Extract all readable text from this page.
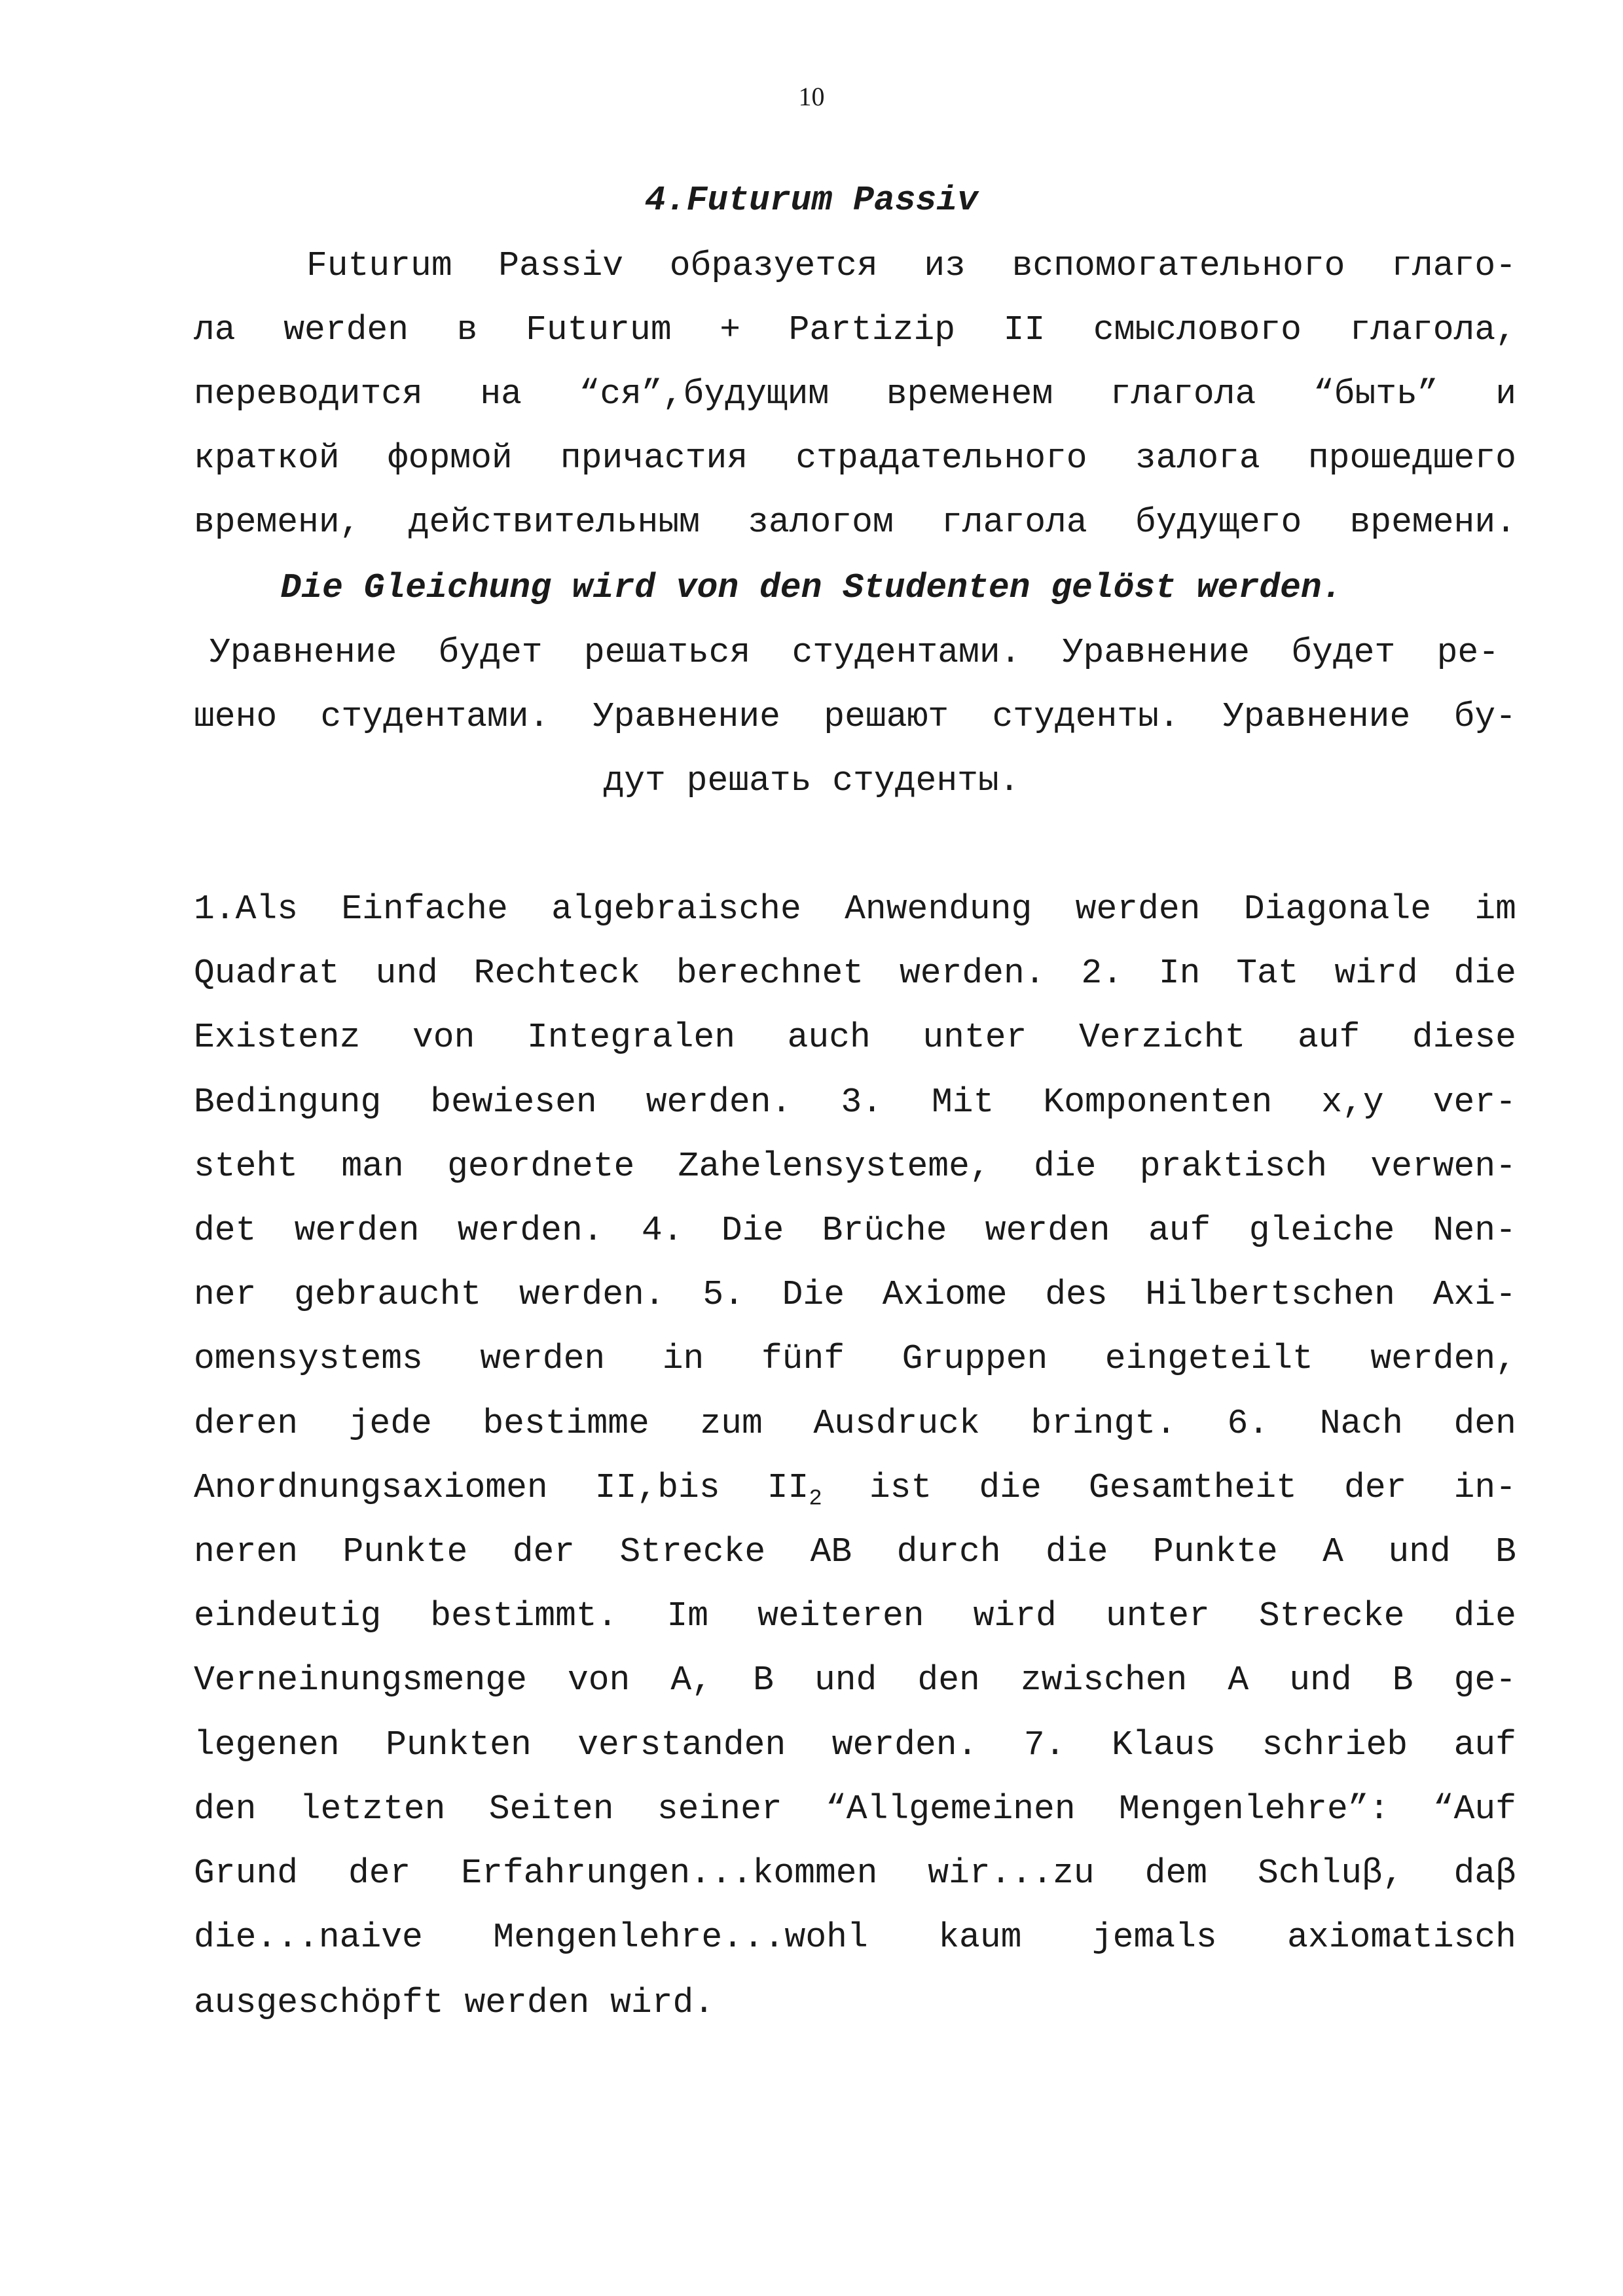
10
4.Futurum Passiv
Futurum Passiv образуется из вспомогательного глаго-
ла werden в Futurum + Partizip II смыслового глагола,
переводится на “ся”,будущим временем глагола “быть” и
краткой формой причастия страдательного залога прошедшего
времени, действительным залогом глагола будущего времени.
Die Gleichung wird von den Studenten gelöst werden.
Уравнение будет решаться студентами. Уравнение будет ре-
шено студентами. Уравнение решают студенты. Уравнение бу-
дут решать студенты.

1.Als Einfache algebraische Anwendung werden Diagonale im
Quadrat und Rechteck berechnet werden. 2. In Tat wird die
Existenz von Integralen auch unter Verzicht auf diese
Bedingung bewiesen werden. 3. Mit Komponenten x,y ver-
steht man geordnete Zahelensysteme, die praktisch verwen-
det werden werden. 4. Die Brüche werden auf gleiche Nen-
ner gebraucht werden. 5. Die Axiome des Hilbertschen Axi-
omensystems werden in fünf Gruppen eingeteilt werden,
deren jede bestimme zum Ausdruck bringt. 6. Nach den
Anordnungsaxiomen II,bis $II_2$ ist die Gesamtheit der in-
neren Punkte der Strecke AB durch die Punkte A und B
eindeutig bestimmt. Im weiteren wird unter Strecke die
Verneinungsmenge von A, B und den zwischen A und B ge-
legenen Punkten verstanden werden. 7. Klaus schrieb auf
den letzten Seiten seiner “Allgemeinen Mengenlehre”: “Auf
Grund der Erfahrungen...kommen wir...zu dem Schluβ, daβ
die...naive Mengenlehre...wohl kaum jemals axiomatisch
ausgeschöpft werden wird.
